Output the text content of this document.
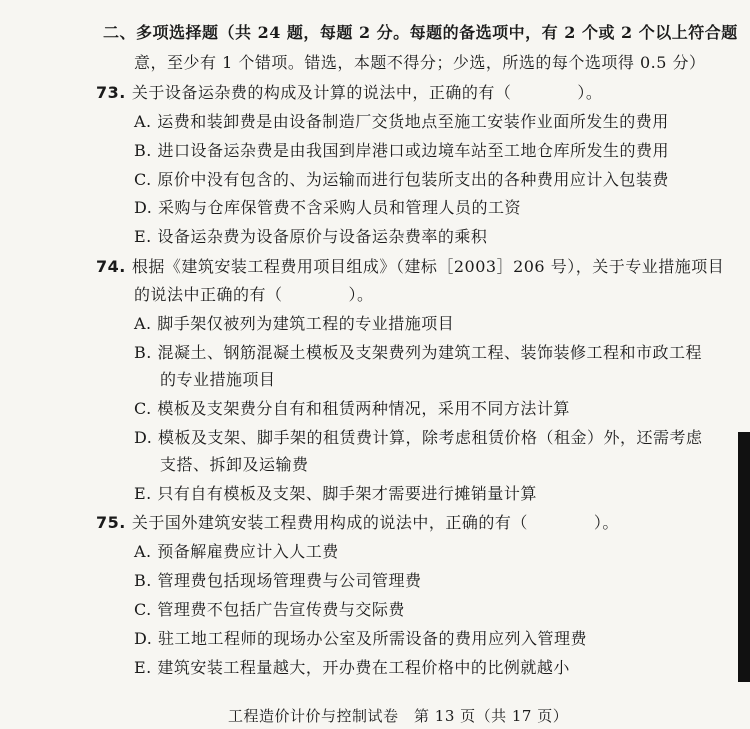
二、多项选择题（共 24 题，每题 2 分。每题的备选项中，有 2 个或 2 个以上符合题
意，至少有 1 个错项。错选，本题不得分；少选，所选的每个选项得 0.5 分）
73. 关于设备运杂费的构成及计算的说法中，正确的有（　　　　）。
A. 运费和装卸费是由设备制造厂交货地点至施工安装作业面所发生的费用
B. 进口设备运杂费是由我国到岸港口或边境车站至工地仓库所发生的费用
C. 原价中没有包含的、为运输而进行包装所支出的各种费用应计入包装费
D. 采购与仓库保管费不含采购人员和管理人员的工资
E. 设备运杂费为设备原价与设备运杂费率的乘积
74. 根据《建筑安装工程费用项目组成》（建标［2003］206 号），关于专业措施项目
的说法中正确的有（　　　　）。
A. 脚手架仅被列为建筑工程的专业措施项目
B. 混凝土、钢筋混凝土模板及支架费列为建筑工程、装饰装修工程和市政工程
的专业措施项目
C. 模板及支架费分自有和租赁两种情况，采用不同方法计算
D. 模板及支架、脚手架的租赁费计算，除考虑租赁价格（租金）外，还需考虑
支搭、拆卸及运输费
E. 只有自有模板及支架、脚手架才需要进行摊销量计算
75. 关于国外建筑安装工程费用构成的说法中，正确的有（　　　　）。
A. 预备解雇费应计入人工费
B. 管理费包括现场管理费与公司管理费
C. 管理费不包括广告宣传费与交际费
D. 驻工地工程师的现场办公室及所需设备的费用应列入管理费
E. 建筑安装工程量越大，开办费在工程价格中的比例就越小
工程造价计价与控制试卷　第 13 页（共 17 页）
